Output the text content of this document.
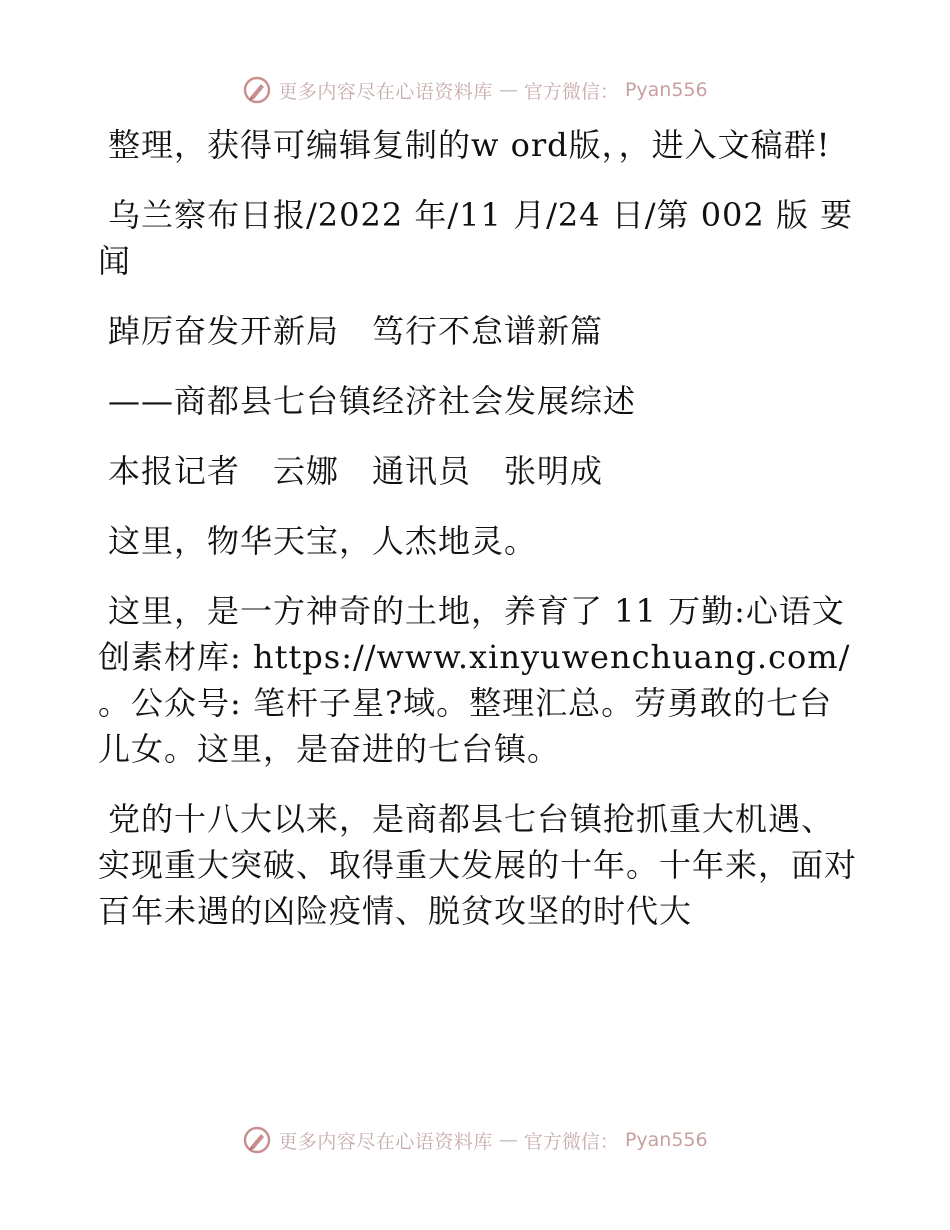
更多内容尽在心语资料库 — 官方微信： Pyan556

整理，获得可编辑复制的w ord版，，进入文稿群!

乌兰察布日报/2022 年/11 月/24 日/第 002 版 要闻

踔厉奋发开新局　笃行不怠谱新篇

——商都县七台镇经济社会发展综述

本报记者　云娜　通讯员　张明成

这里，物华天宝，人杰地灵。

这里，是一方神奇的土地，养育了 11 万勤:心语文创素材库: https://www.xinyuwenchuang.com/ 。公众号: 笔杆子星?域。整理汇总。劳勇敢的七台儿女。这里，是奋进的七台镇。

党的十八大以来，是商都县七台镇抢抓重大机遇、实现重大突破、取得重大发展的十年。十年来，面对百年未遇的凶险疫情、脱贫攻坚的时代大

更多内容尽在心语资料库 — 官方微信： Pyan556
